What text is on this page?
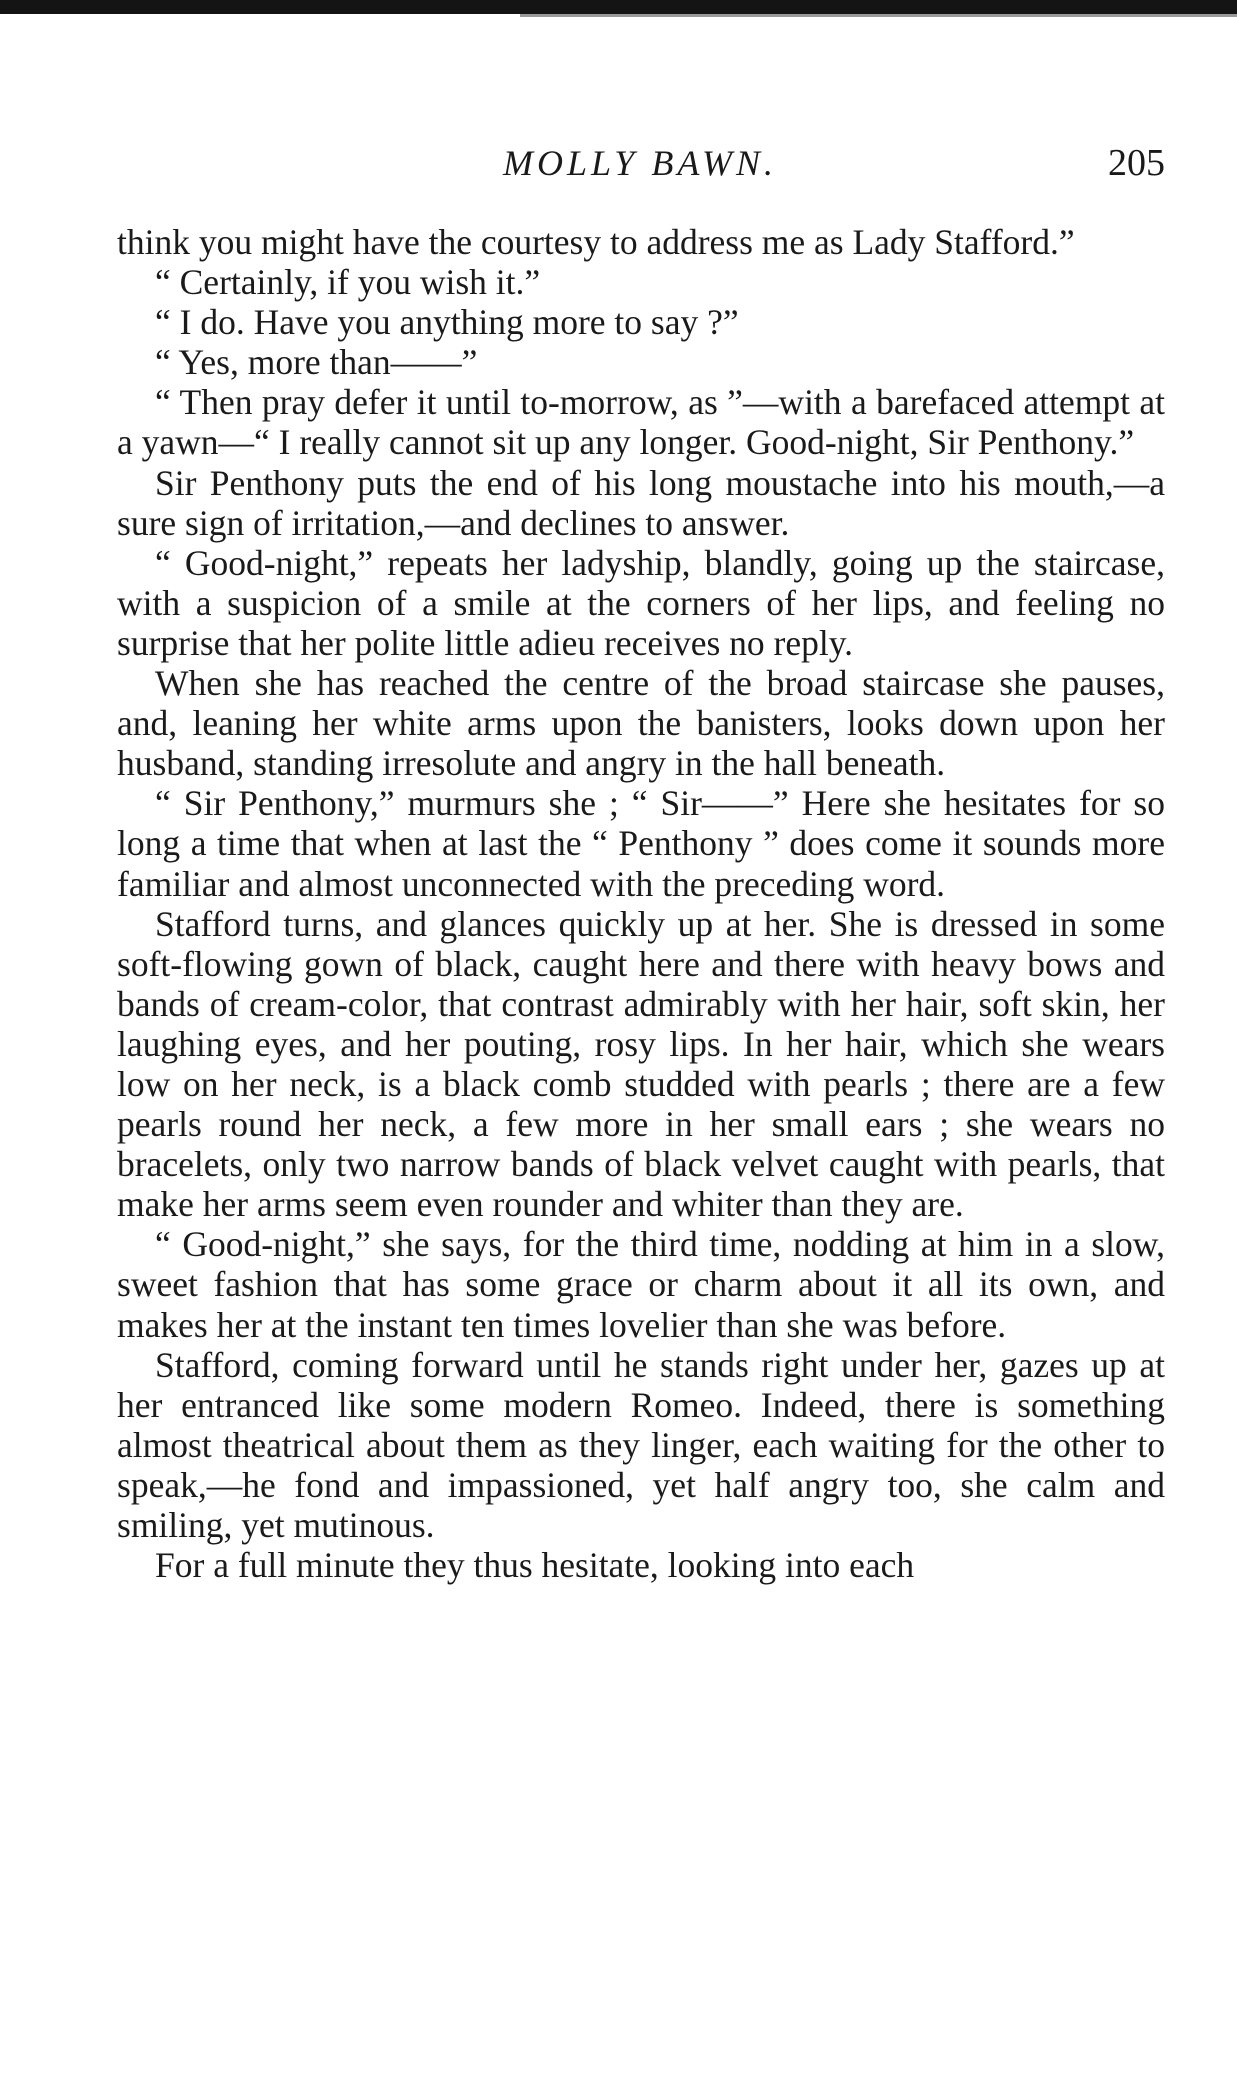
MOLLY BAWN.	205

think you might have the courtesy to address me as Lady Stafford.”

“ Certainly, if you wish it.”

“ I do. Have you anything more to say ?”

“ Yes, more than——”

“ Then pray defer it until to-morrow, as ”—with a barefaced attempt at a yawn—“ I really cannot sit up any longer. Good-night, Sir Penthony.”

Sir Penthony puts the end of his long moustache into his mouth,—a sure sign of irritation,—and declines to answer.

“ Good-night,” repeats her ladyship, blandly, going up the staircase, with a suspicion of a smile at the corners of her lips, and feeling no surprise that her polite little adieu receives no reply.

When she has reached the centre of the broad staircase she pauses, and, leaning her white arms upon the banisters, looks down upon her husband, standing irresolute and angry in the hall beneath.

“ Sir Penthony,” murmurs she ; “ Sir——” Here she hesitates for so long a time that when at last the “ Penthony ” does come it sounds more familiar and almost unconnected with the preceding word.

Stafford turns, and glances quickly up at her. She is dressed in some soft-flowing gown of black, caught here and there with heavy bows and bands of cream-color, that contrast admirably with her hair, soft skin, her laughing eyes, and her pouting, rosy lips. In her hair, which she wears low on her neck, is a black comb studded with pearls ; there are a few pearls round her neck, a few more in her small ears ; she wears no bracelets, only two narrow bands of black velvet caught with pearls, that make her arms seem even rounder and whiter than they are.

“ Good-night,” she says, for the third time, nodding at him in a slow, sweet fashion that has some grace or charm about it all its own, and makes her at the instant ten times lovelier than she was before.

Stafford, coming forward until he stands right under her, gazes up at her entranced like some modern Romeo. Indeed, there is something almost theatrical about them as they linger, each waiting for the other to speak,—he fond and impassioned, yet half angry too, she calm and smiling, yet mutinous.

For a full minute they thus hesitate, looking into each
